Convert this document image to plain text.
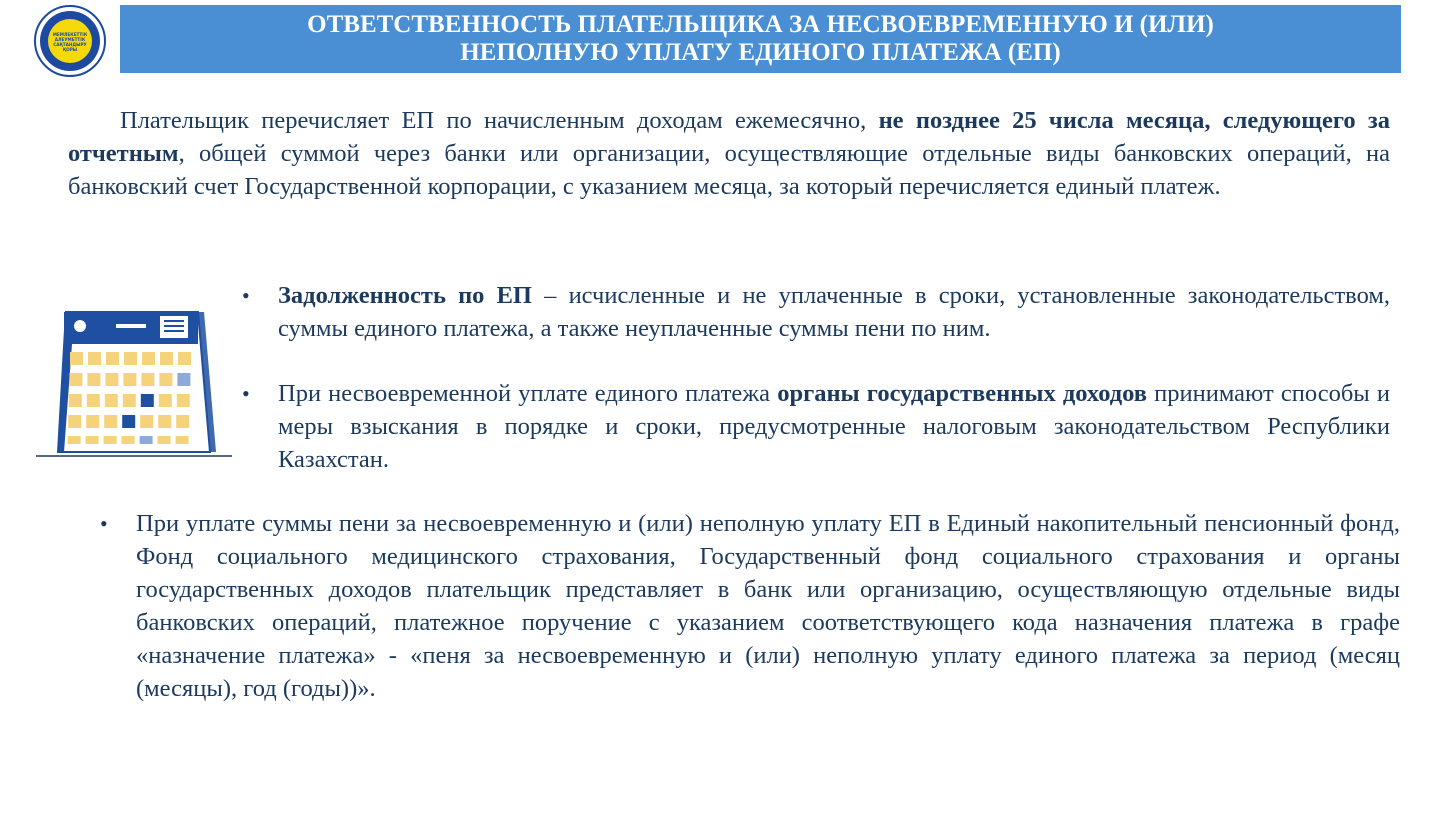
МЕМЛЕКЕТТІК
АЛЕУМЕТТІК
САҚТАНДЫРУ
ҚОРЫ
ОТВЕТСТВЕННОСТЬ ПЛАТЕЛЬЩИКА ЗА НЕСВОЕВРЕМЕННУЮ И (ИЛИ)
НЕПОЛНУЮ УПЛАТУ ЕДИНОГО ПЛАТЕЖА (ЕП)
Плательщик перечисляет ЕП по начисленным доходам ежемесячно, не позднее 25 числа месяца, следующего за отчетным, общей суммой через банки или организации, осуществляющие отдельные виды банковских операций, на банковский счет Государственной корпорации, с указанием месяца, за который перечисляется единый платеж.
• Задолженность по ЕП – исчисленные и не уплаченные в сроки, установленные законодательством, суммы единого платежа, а также неуплаченные суммы пени по ним.
• При несвоевременной уплате единого платежа органы государственных доходов принимают способы и меры взыскания в порядке и сроки, предусмотренные налоговым законодательством Республики Казахстан.
• При уплате суммы пени за несвоевременную и (или) неполную уплату ЕП в Единый накопительный пенсионный фонд, Фонд социального медицинского страхования, Государственный фонд социального страхования и органы государственных доходов плательщик представляет в банк или организацию, осуществляющую отдельные виды банковских операций, платежное поручение с указанием соответствующего кода назначения платежа в графе «назначение платежа» - «пеня за несвоевременную и (или) неполную уплату единого платежа за период (месяц (месяцы), год (годы))».
